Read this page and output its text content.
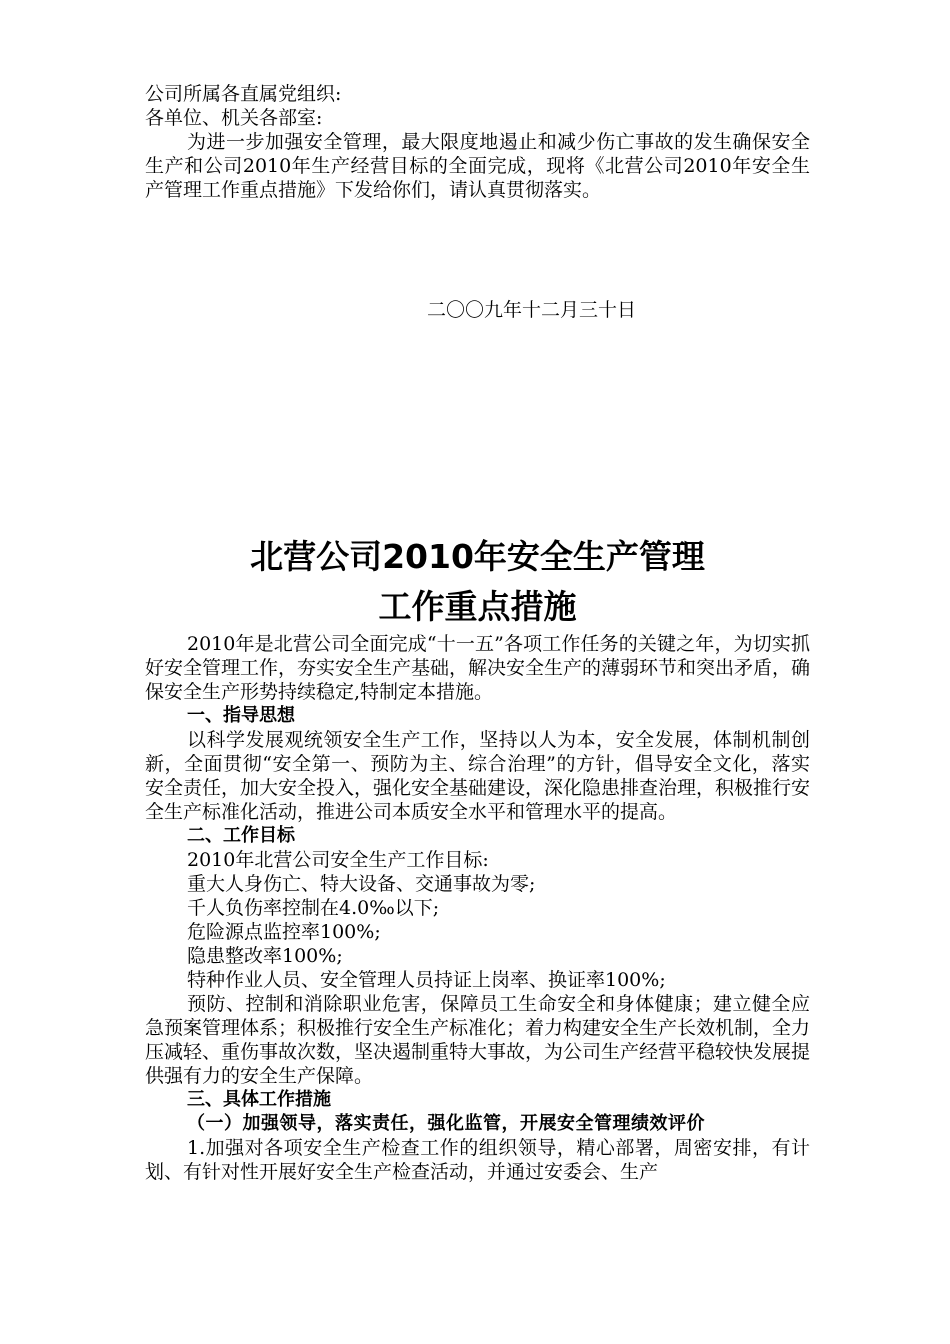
公司所属各直属党组织:

各单位、机关各部室:

为进一步加强安全管理，最大限度地遏止和减少伤亡事故的发生确保安全生产和公司2010年生产经营目标的全面完成，现将《北营公司2010年安全生产管理工作重点措施》下发给你们，请认真贯彻落实。

二〇〇九年十二月三十日

北营公司2010年安全生产管理
工作重点措施

2010年是北营公司全面完成“十一五”各项工作任务的关键之年，为切实抓好安全管理工作，夯实安全生产基础，解决安全生产的薄弱环节和突出矛盾，确保安全生产形势持续稳定,特制定本措施。

一、指导思想

以科学发展观统领安全生产工作，坚持以人为本，安全发展，体制机制创新，全面贯彻“安全第一、预防为主、综合治理”的方针，倡导安全文化，落实安全责任，加大安全投入，强化安全基础建设，深化隐患排查治理，积极推行安全生产标准化活动，推进公司本质安全水平和管理水平的提高。

二、工作目标

2010年北营公司安全生产工作目标:

重大人身伤亡、特大设备、交通事故为零;

千人负伤率控制在4.0‰以下;

危险源点监控率100%;

隐患整改率100%;

特种作业人员、安全管理人员持证上岗率、换证率100%;

预防、控制和消除职业危害，保障员工生命安全和身体健康；建立健全应急预案管理体系；积极推行安全生产标准化；着力构建安全生产长效机制，全力压减轻、重伤事故次数，坚决遏制重特大事故，为公司生产经营平稳较快发展提供强有力的安全生产保障。

三、具体工作措施

（一）加强领导，落实责任，强化监管，开展安全管理绩效评价

1.加强对各项安全生产检查工作的组织领导，精心部署，周密安排，有计划、有针对性开展好安全生产检查活动，并通过安委会、生产
